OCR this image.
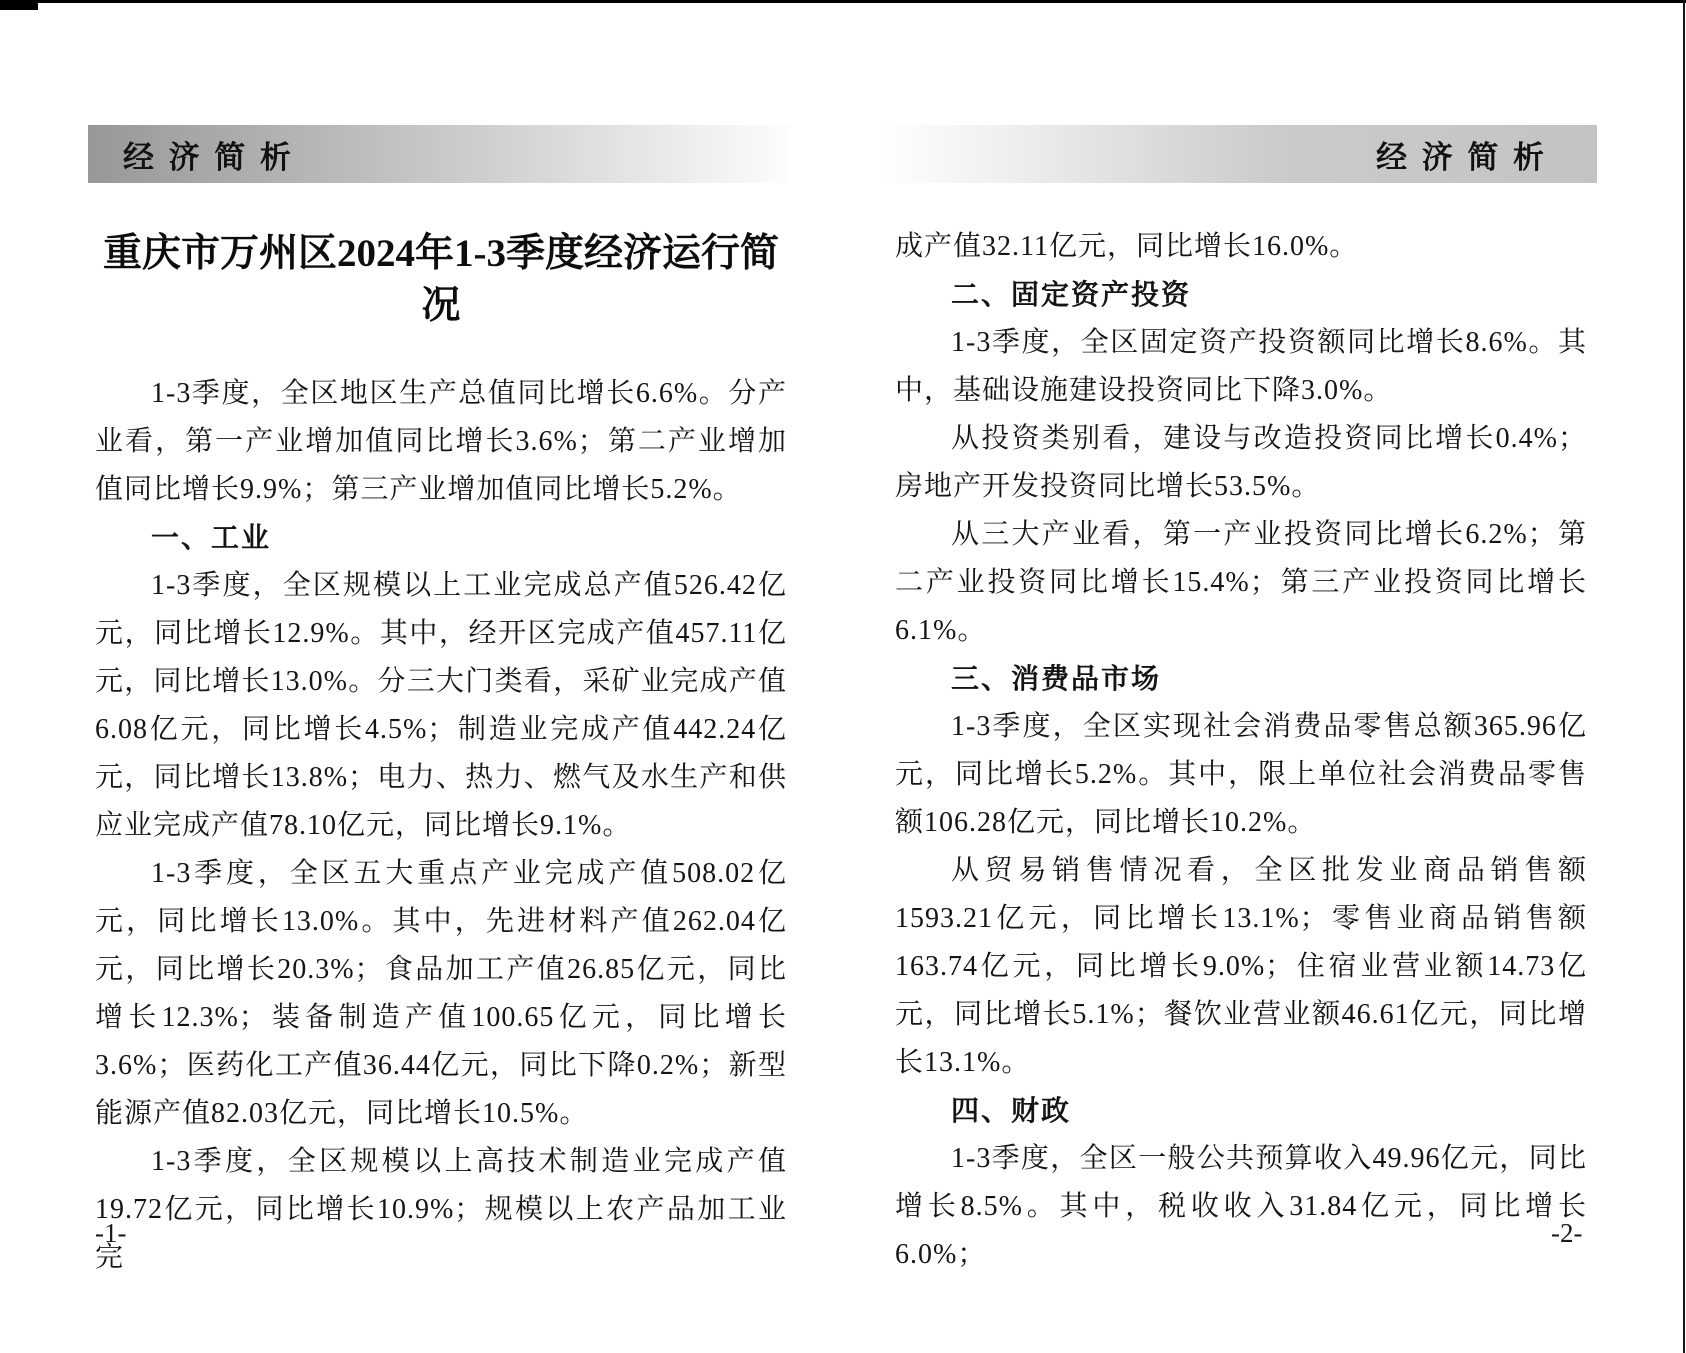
经 济 简 析	经 济 简 析
重庆市万州区2024年1-3季度经济运行简况

1-3季度，全区地区生产总值同比增长6.6%。分产业看，第一产业增加值同比增长3.6%；第二产业增加值同比增长9.9%；第三产业增加值同比增长5.2%。

一、工业

1-3季度，全区规模以上工业完成总产值526.42亿元，同比增长12.9%。其中，经开区完成产值457.11亿元，同比增长13.0%。分三大门类看，采矿业完成产值6.08亿元，同比增长4.5%；制造业完成产值442.24亿元，同比增长13.8%；电力、热力、燃气及水生产和供应业完成产值78.10亿元，同比增长9.1%。

1-3季度，全区五大重点产业完成产值508.02亿元，同比增长13.0%。其中，先进材料产值262.04亿元，同比增长20.3%；食品加工产值26.85亿元，同比增长12.3%；装备制造产值100.65亿元，同比增长3.6%；医药化工产值36.44亿元，同比下降0.2%；新型能源产值82.03亿元，同比增长10.5%。

1-3季度，全区规模以上高技术制造业完成产值19.72亿元，同比增长10.9%；规模以上农产品加工业完

成产值32.11亿元，同比增长16.0%。

二、固定资产投资

1-3季度，全区固定资产投资额同比增长8.6%。其中，基础设施建设投资同比下降3.0%。

从投资类别看，建设与改造投资同比增长0.4%；房地产开发投资同比增长53.5%。

从三大产业看，第一产业投资同比增长6.2%；第二产业投资同比增长15.4%；第三产业投资同比增长6.1%。

三、消费品市场

1-3季度，全区实现社会消费品零售总额365.96亿元，同比增长5.2%。其中，限上单位社会消费品零售额106.28亿元，同比增长10.2%。

从贸易销售情况看，全区批发业商品销售额1593.21亿元，同比增长13.1%；零售业商品销售额163.74亿元，同比增长9.0%；住宿业营业额14.73亿元，同比增长5.1%；餐饮业营业额46.61亿元，同比增长13.1%。

四、财政

1-3季度，全区一般公共预算收入49.96亿元，同比增长8.5%。其中，税收收入31.84亿元，同比增长6.0%；

-1-	-2-
